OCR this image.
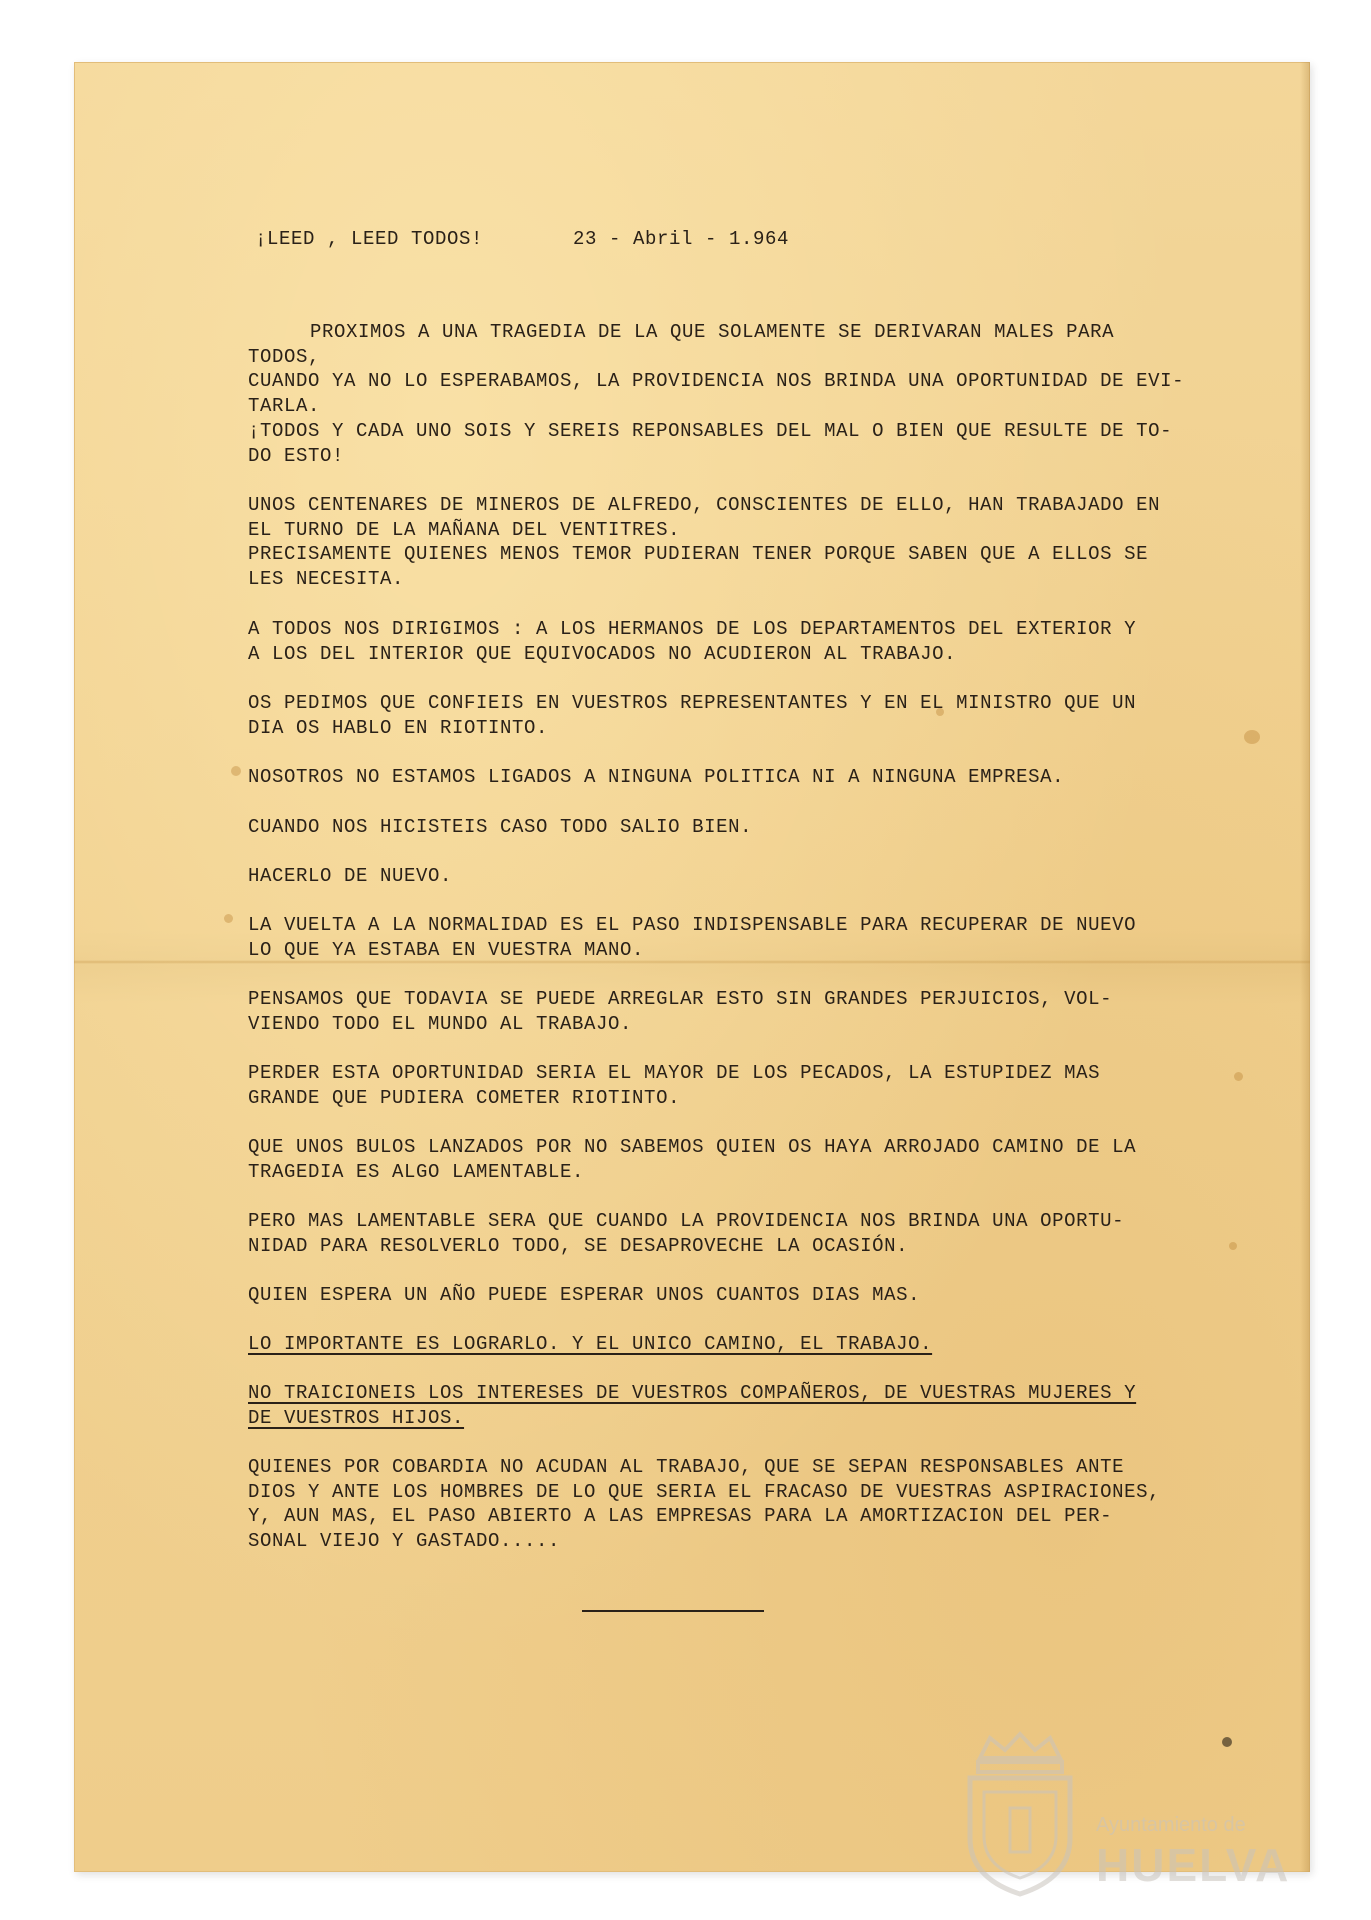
¡LEED , LEED TODOS!	23 - Abril - 1.964
PROXIMOS A UNA TRAGEDIA DE LA QUE SOLAMENTE SE DERIVARAN MALES PARA TODOS,
CUANDO YA NO LO ESPERABAMOS, LA PROVIDENCIA NOS BRINDA UNA OPORTUNIDAD DE EVI-
TARLA.
¡TODOS Y CADA UNO SOIS Y SEREIS REPONSABLES DEL MAL O BIEN QUE RESULTE DE TO-
DO ESTO!
UNOS CENTENARES DE MINEROS DE ALFREDO, CONSCIENTES DE ELLO, HAN TRABAJADO EN
EL TURNO DE LA MAÑANA DEL VENTITRES.
PRECISAMENTE QUIENES MENOS TEMOR PUDIERAN TENER PORQUE SABEN QUE A ELLOS SE
LES NECESITA.
A TODOS NOS DIRIGIMOS : A LOS HERMANOS DE LOS DEPARTAMENTOS DEL EXTERIOR Y
A LOS DEL INTERIOR QUE EQUIVOCADOS NO ACUDIERON AL TRABAJO.
OS PEDIMOS QUE CONFIEIS EN VUESTROS REPRESENTANTES Y EN EL MINISTRO QUE UN
DIA OS HABLO EN RIOTINTO.
NOSOTROS NO ESTAMOS LIGADOS A NINGUNA POLITICA NI A NINGUNA EMPRESA.
CUANDO NOS HICISTEIS CASO TODO SALIO BIEN.
HACERLO DE NUEVO.
LA VUELTA A LA NORMALIDAD ES EL PASO INDISPENSABLE PARA RECUPERAR DE NUEVO
LO QUE YA ESTABA EN VUESTRA MANO.
PENSAMOS QUE TODAVIA SE PUEDE ARREGLAR ESTO SIN GRANDES PERJUICIOS, VOL-
VIENDO TODO EL MUNDO AL TRABAJO.
PERDER ESTA OPORTUNIDAD SERIA EL MAYOR DE LOS PECADOS, LA ESTUPIDEZ MAS
GRANDE QUE PUDIERA COMETER RIOTINTO.
QUE UNOS BULOS LANZADOS POR NO SABEMOS QUIEN OS HAYA ARROJADO CAMINO DE LA
TRAGEDIA ES ALGO LAMENTABLE.
PERO MAS LAMENTABLE SERA QUE CUANDO LA PROVIDENCIA NOS BRINDA UNA OPORTU-
NIDAD PARA RESOLVERLO TODO, SE DESAPROVECHE LA OCASIÓN.
QUIEN ESPERA UN AÑO PUEDE ESPERAR UNOS CUANTOS DIAS MAS.
LO IMPORTANTE ES LOGRARLO. Y EL UNICO CAMINO, EL TRABAJO.
NO TRAICIONEIS LOS INTERESES DE VUESTROS COMPAÑEROS, DE VUESTRAS MUJERES Y
DE VUESTROS HIJOS.
QUIENES POR COBARDIA NO ACUDAN AL TRABAJO, QUE SE SEPAN RESPONSABLES ANTE
DIOS Y ANTE LOS HOMBRES DE LO QUE SERIA EL FRACASO DE VUESTRAS ASPIRACIONES,
Y, AUN MAS, EL PASO ABIERTO A LAS EMPRESAS PARA LA AMORTIZACION DEL PER-
SONAL VIEJO Y GASTADO.....
Ayuntamiento de
HUELVA
